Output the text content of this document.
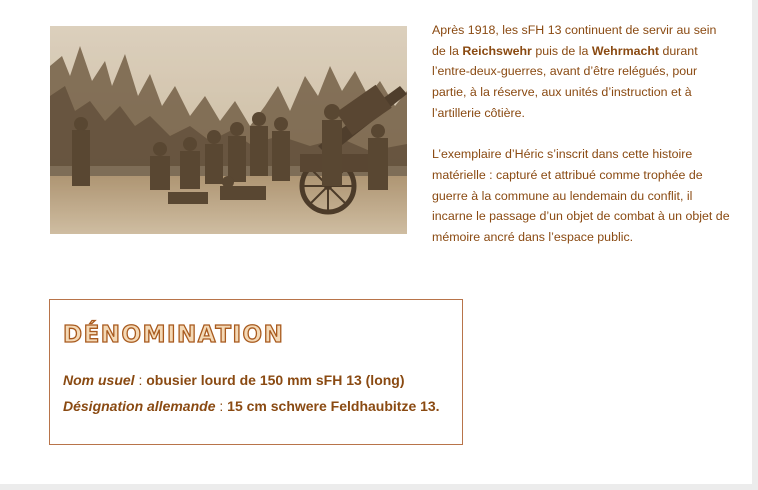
Après 1918, les sFH 13 continuent de servir au sein de la Reichswehr puis de la Wehrmacht durant l’entre-deux-guerres, avant d’être relégués, pour partie, à la réserve, aux unités d’instruction et à l’artillerie côtière.

L’exemplaire d’Héric s’inscrit dans cette histoire matérielle : capturé et attribué comme trophée de guerre à la commune au lendemain du conflit, il incarne le passage d’un objet de combat à un objet de mémoire ancré dans l’espace public.

DÉNOMINATION
Nom usuel : obusier lourd de 150 mm sFH 13 (long)
Désignation allemande : 15 cm schwere Feldhaubitze 13.
